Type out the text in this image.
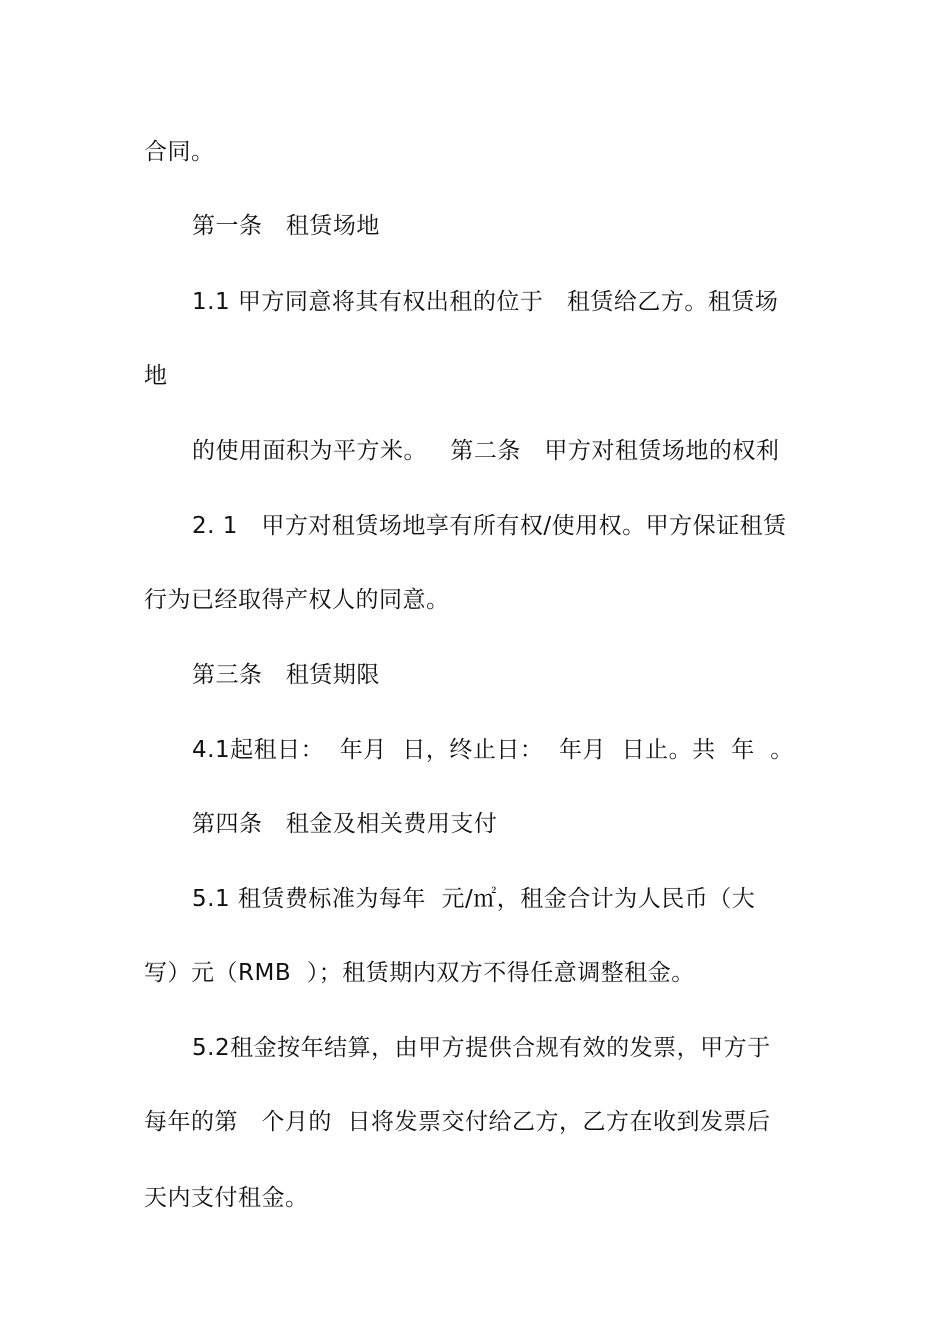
合同。
第一条   租赁场地
1.1 甲方同意将其有权出租的位于   租赁给乙方。租赁场
地
的使用面积为平方米。   第二条   甲方对租赁场地的权利
2. 1   甲方对租赁场地享有所有权/使用权。甲方保证租赁
行为已经取得产权人的同意。
第三条   租赁期限
4.1起租日：  年月  日，终止日：  年月  日止。共  年  。
第四条   租金及相关费用支付
5.1 租赁费标准为每年  元/㎡，租金合计为人民币（大
写）元（RMB  ）；租赁期内双方不得任意调整租金。
5.2租金按年结算，由甲方提供合规有效的发票，甲方于
每年的第   个月的  日将发票交付给乙方，乙方在收到发票后
天内支付租金。
